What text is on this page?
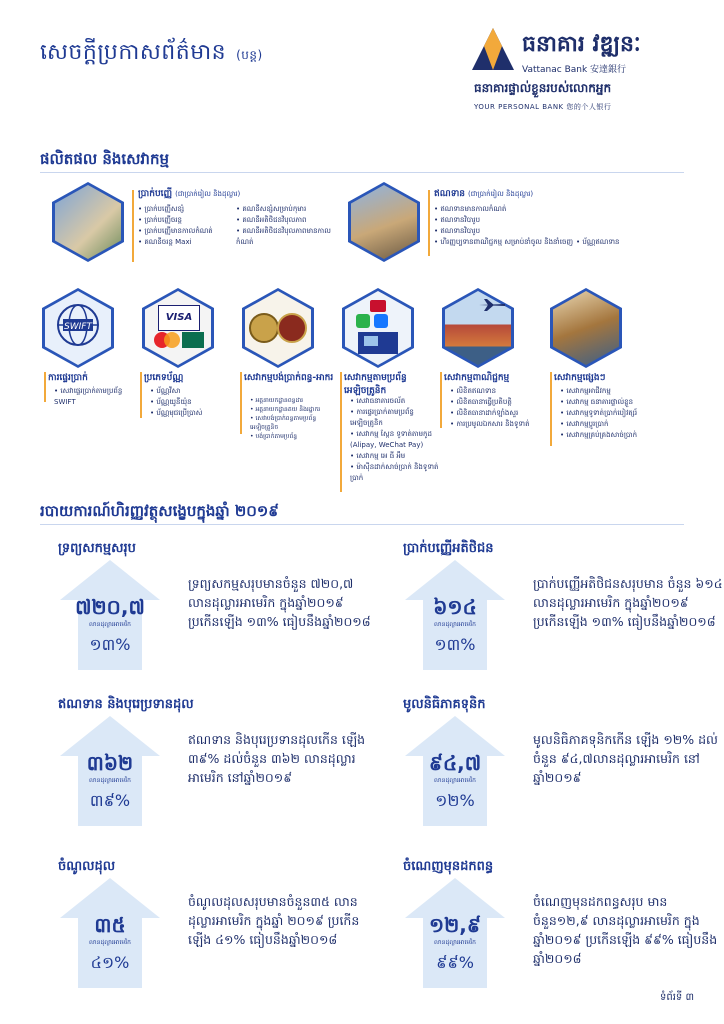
សេចក្ដីប្រកាសព័ត៌មាន (បន្ត)	ធនាគារ វឌ្ឍនៈ
Vattanac Bank 安達銀行
ធនាគារផ្ទាល់ខ្លួនរបស់លោកអ្នក
YOUR PERSONAL BANK 您的个人银行
ផលិតផល និងសេវាកម្ម
ប្រាក់បញ្ញើ (ជាប្រាក់រៀល និងដុល្លារ)
• ប្រាក់បញ្ញើសន្សំ
• ប្រាក់បញ្ញើចរន្ត
• ប្រាក់បញ្ញើមានកាលកំណត់
• គណនីចរន្ត Maxi
• គណនីសន្សំសម្រាប់កុមារ
• គណនីអតិថិជនវិបុលភាព
• គណនីអតិថិជនវិបុលភាពមានកាលកំណត់
ឥណទាន (ជាប្រាក់រៀល និងដុល្លារ)
• ឥណទានមានកាលកំណត់
• ឥណទានវិបារូប
• ឥណទានវិបារូប
• ហិរញ្ញប្បទានពាណិជ្ជកម្ម សម្រាប់នាំចូល និងនាំចេញ
•	ប័ណ្ណឥណទាន
SWIFT
VISA
ការផ្ទេរប្រាក់
• សេវាផ្ទេរប្រាក់តាមប្រព័ន្ធ SWIFT
ប្រភេទប័ណ្ណ
• ប័ណ្ណវីសា
• ប័ណ្ណយូនីយ៉ុន
• ប័ណ្ណមុជប្រើប្រាស់
សេវាកម្មបង់ប្រាក់ពន្ធ-អាករ
• អគ្គនាយកដ្ឋានពន្ធដារ
• អគ្គនាយកដ្ឋានគយ និងរដ្ឋាករ
• សេវាបង់ប្រាក់ពន្ធតាមប្រព័ន្ធអេឡិចត្រូនិច
• បង់ប្រាក់តាមប្រព័ន្ធ
សេវាកម្មតាមប្រព័ន្ធអេឡិចត្រូនិក
• សេវាធនាគារចល័ត
• ការផ្ទេរប្រាក់តាមប្រព័ន្ធអេឡិចត្រូនិក
• សេវាកម្ម ស្កែន ទូទាត់តាមកូដ (Alipay, WeChat Pay)
• សេវាកម្ម អេ ធី អឹម
• ម៉ាស៊ីនដាក់សាច់ប្រាក់ និងទូទាត់ប្រាក់
សេវាកម្មពាណិជ្ជកម្ម
• លិខិតឥណទាន
• លិខិតធានាធ្វើប្រតិបត្តិ
• លិខិតធានាដាក់ឡាំងសួរ
• ការប្រមូលឯកសារ និងទូទាត់
សេវាកម្មផ្សេងៗ
• សេវាកម្មអាជីវកម្ម
• សេវាកម្ម ធនាគារផ្ទាល់ខ្លួន
• សេវាកម្មទូទាត់ប្រាក់បៀវត្សរ៍
• សេវាកម្មប្ដូរប្រាក់
• សេវាកម្មគ្រប់គ្រងសាច់ប្រាក់
របាយការណ៍ហិរញ្ញវត្ថុសង្ខេបក្នុងឆ្នាំ ២០១៩
ទ្រព្យសកម្មសរុប
៧២០,៧
លានដុល្លារអាមេរិក
១៣%
ទ្រព្យសកម្មសរុបមានចំនួន ៧២០,៧ លានដុល្លារអាមេរិក ក្នុងឆ្នាំ២០១៩ ប្រកើនឡើង ១៣% ធៀបនឹងឆ្នាំ២០១៨
ប្រាក់បញ្ញើអតិថិជន
៦១៤
លានដុល្លារអាមេរិក
១៣%
ប្រាក់បញ្ញើអតិថិជនសរុបមាន ចំនួន ៦១៤ លានដុល្លារអាមេរិក ក្នុងឆ្នាំ២០១៩ ប្រកើនឡើង ១៣% ធៀបនឹងឆ្នាំ២០១៨
ឥណទាន និងបុរេប្រទានដុល
៣៦២
លានដុល្លារអាមេរិក
៣៩%
ឥណទាន និងបុរេប្រទានដុលកើន ឡើង ៣៩% ដល់ចំនួន ៣៦២ លានដុល្លារអាមេរិក នៅឆ្នាំ២០១៩
មូលនិធិភាគទុនិក
៩៤,៧
លានដុល្លារអាមេរិក
១២%
មូលនិធិភាគទុនិកកើន ឡើង ១២% ដល់ចំនួន ៩៤,៧លានដុល្លារអាមេរិក នៅឆ្នាំ២០១៩
ចំណូលដុល
៣៥
លានដុល្លារអាមេរិក
៤១%
ចំណូលដុលសរុបមានចំនួន៣៥ លានដុល្លារអាមេរិក ក្នុងឆ្នាំ ២០១៩ ប្រកើនឡើង ៤១% ធៀបនឹងឆ្នាំ២០១៨
ចំណេញមុនដកពន្ធ
១២,៩
លានដុល្លារអាមេរិក
៩៩%
ចំណេញមុនដកពន្ធសរុប មាន ចំនួន១២,៩ លានដុល្លារអាមេរិក ក្នុងឆ្នាំ២០១៩ ប្រកើនឡើង ៩៩% ធៀបនឹងឆ្នាំ២០១៨
ទំព័រទី ៣
